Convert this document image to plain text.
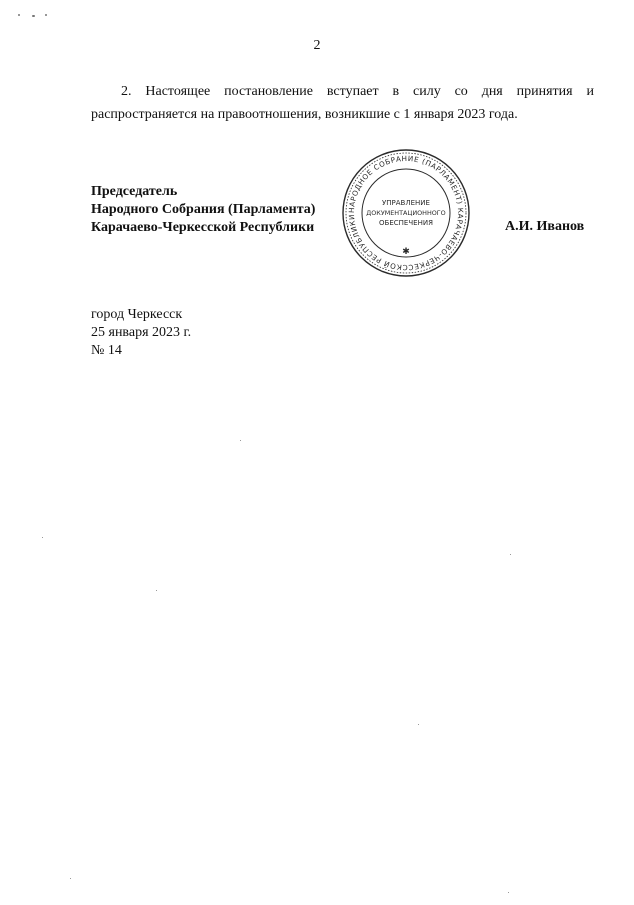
2
2. Настоящее постановление вступает в силу со дня принятия и
распространяется на правоотношения, возникшие с 1 января 2023 года.
Председатель
Народного Собрания (Парламента)
Карачаево-Черкесской Республики	А.И. Иванов
НАРОДНОЕ СОБРАНИЕ (ПАРЛАМЕНТ) КАРАЧАЕВО-ЧЕРКЕССКОЙ РЕСПУБЛИКИ
УПРАВЛЕНИЕ
ДОКУМЕНТАЦИОННОГО
ОБЕСПЕЧЕНИЯ
✱
город Черкесск
25 января 2023 г.
№ 14
